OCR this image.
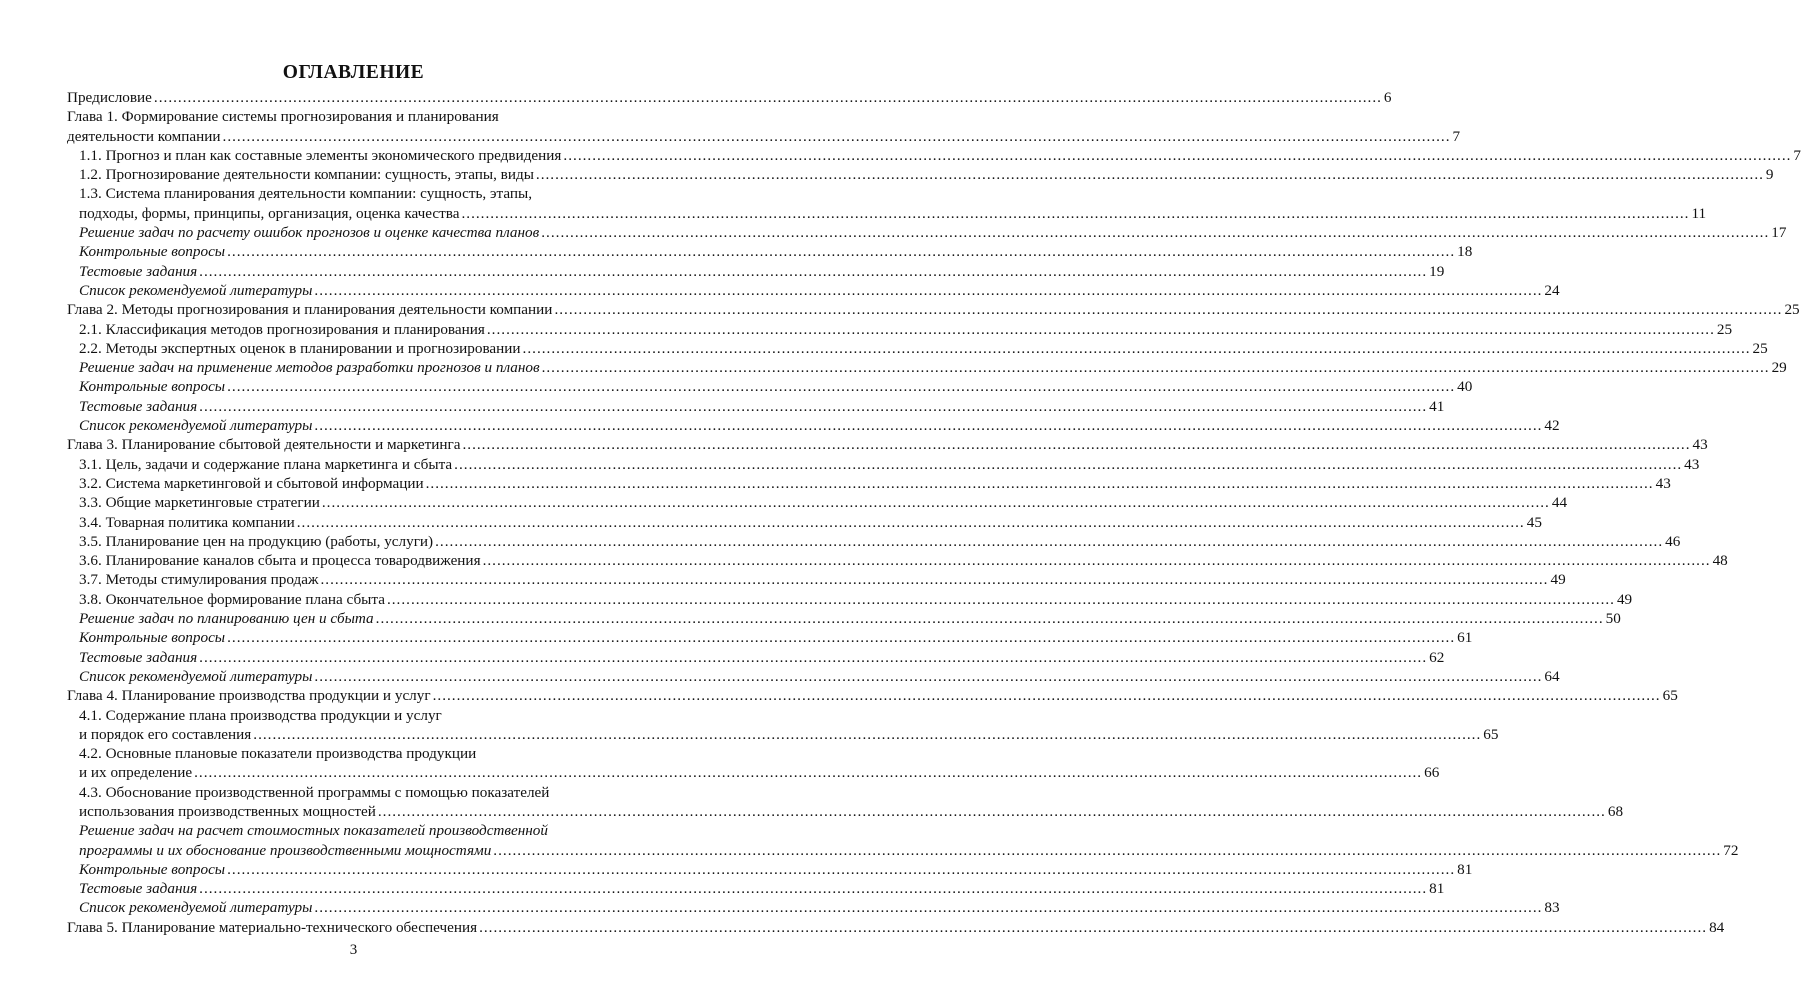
ОГЛАВЛЕНИЕ
Предисловие .....	6
Глава 1. Формирование системы прогнозирования и планирования
деятельности компании .....	7
1.1. Прогноз и план как составные элементы экономического предвидения .....	7
1.2. Прогнозирование деятельности компании: сущность, этапы, виды .....	9
1.3. Система планирования деятельности компании: сущность, этапы,
подходы, формы, принципы, организация, оценка качества .....	11
Решение задач по расчету ошибок прогнозов и оценке качества планов .....	17
Контрольные вопросы .....	18
Тестовые задания .....	19
Список рекомендуемой литературы .....	24
Глава 2. Методы прогнозирования и планирования деятельности компании .....	25
2.1. Классификация методов прогнозирования и планирования .....	25
2.2. Методы экспертных оценок в планировании и прогнозировании .....	25
Решение задач на применение методов разработки прогнозов и планов .....	29
Контрольные вопросы .....	40
Тестовые задания .....	41
Список рекомендуемой литературы .....	42
Глава 3. Планирование сбытовой деятельности и маркетинга .....	43
3.1. Цель, задачи и содержание плана маркетинга и сбыта .....	43
3.2. Система маркетинговой и сбытовой информации .....	43
3.3. Общие маркетинговые стратегии .....	44
3.4. Товарная политика компании .....	45
3.5. Планирование цен на продукцию (работы, услуги) .....	46
3.6. Планирование каналов сбыта и процесса товародвижения .....	48
3.7. Методы стимулирования продаж .....	49
3.8. Окончательное формирование плана сбыта .....	49
Решение задач по планированию цен и сбыта .....	50
Контрольные вопросы .....	61
Тестовые задания .....	62
Список рекомендуемой литературы .....	64
Глава 4. Планирование производства продукции и услуг .....	65
4.1. Содержание плана производства продукции и услуг
и порядок его составления .....	65
4.2. Основные плановые показатели производства продукции
и их определение .....	66
4.3. Обоснование производственной программы с помощью показателей
использования производственных мощностей .....	68
Решение задач на расчет стоимостных показателей производственной
программы и их обоснование производственными мощностями .....	72
Контрольные вопросы .....	81
Тестовые задания .....	81
Список рекомендуемой литературы .....	83
Глава 5. Планирование материально-технического обеспечения .....	84
3
